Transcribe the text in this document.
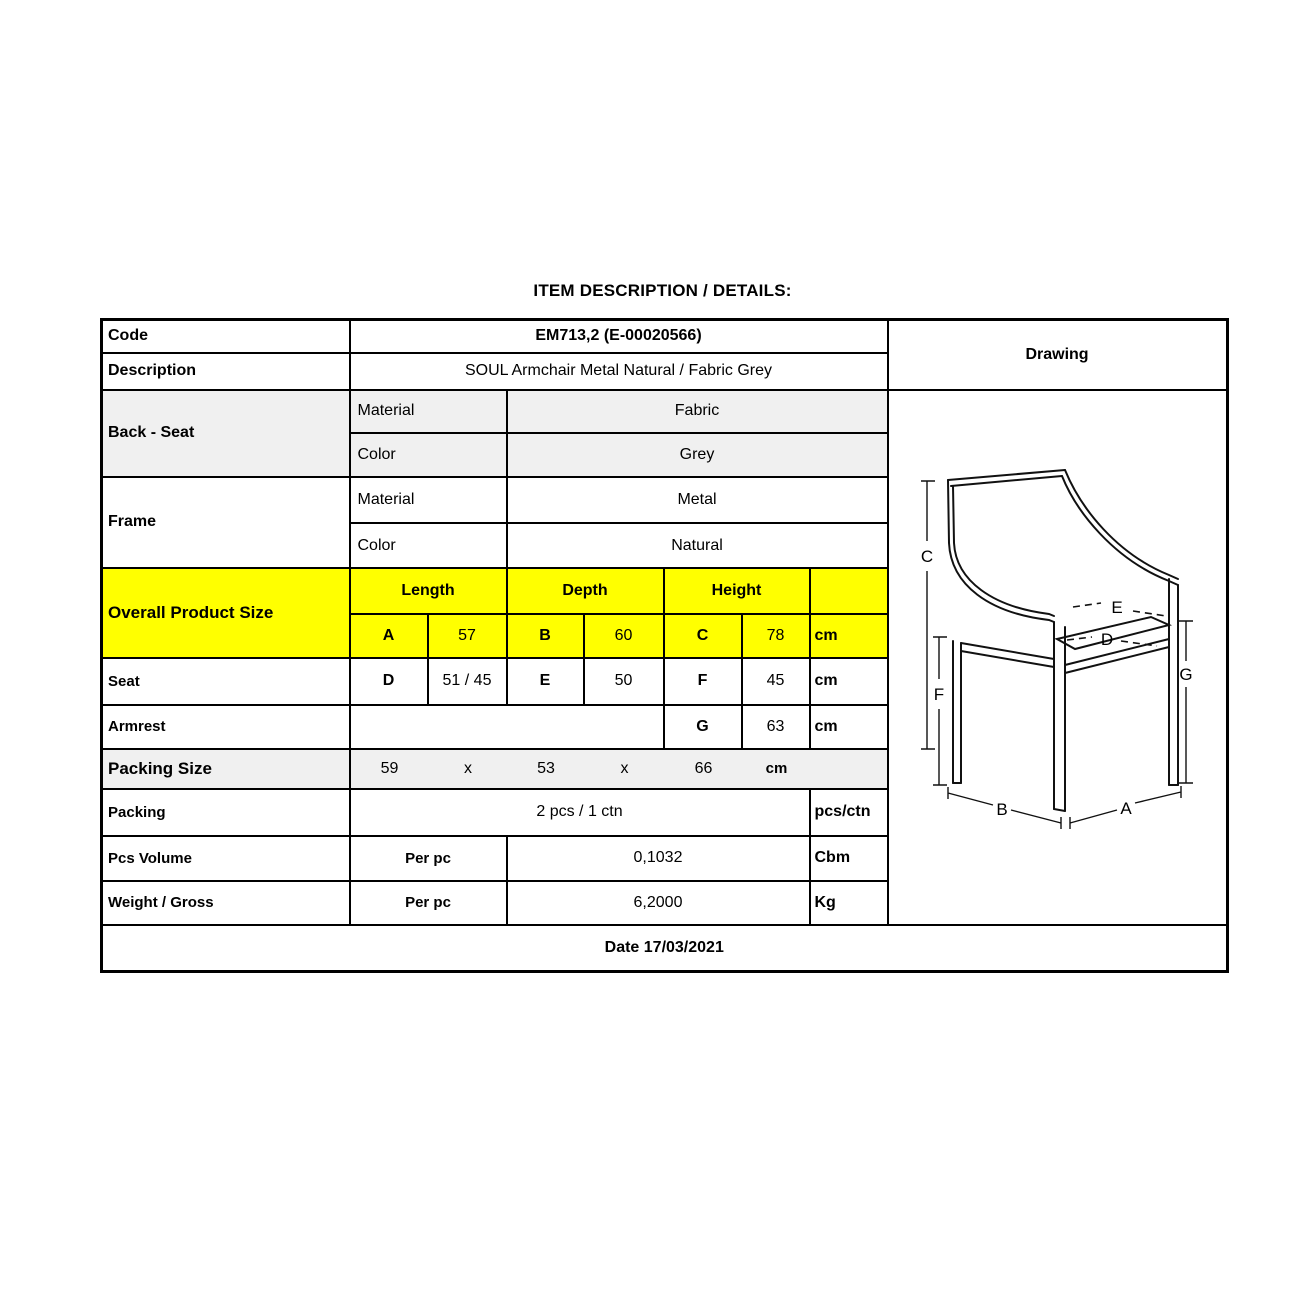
ITEM DESCRIPTION / DETAILS:
Code	EM713,2 (E-00020566)							Drawing
Description	SOUL Armchair Metal Natural / Fabric Grey							
Back - Seat	Material	Fabric	
C
F
G
B	A
E
D

	Color		Grey					
Frame	Material		Metal					
	Color		Natural					
Overall Product Size	Length		Depth		Height			
	A	57	B	60	C	78	cm	
Seat	D	51 / 45	E	50	F	45	cm	
Armrest					G	63	cm	
Packing Size	59	x	53	x	66	cm

Packing	2 pcs / 1 ctn						pcs/ctn	
Pcs Volume	Per pc		0,1032				Cbm	
Weight / Gross	Per pc		6,2000				Kg	
Date 17/03/2021								
